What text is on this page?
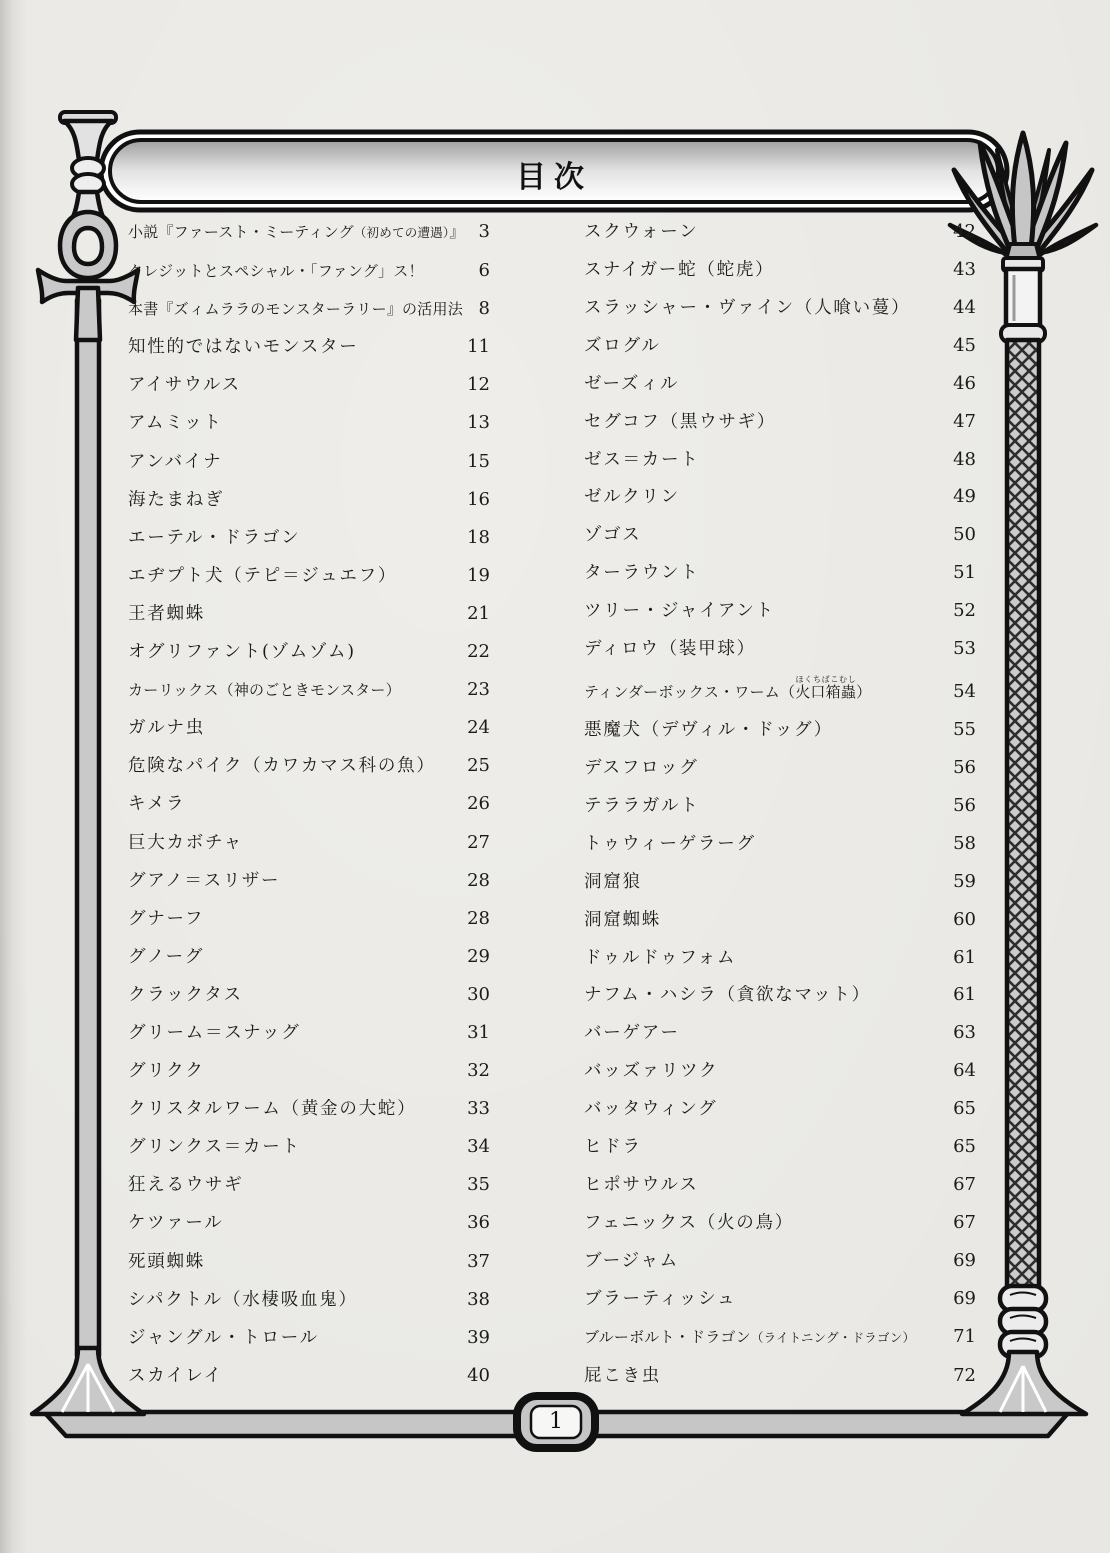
目次
小説『ファースト・ミーティング（初めての遭遇）』 3
クレジットとスペシャル・「ファング」ス！	6
本書『ズィムララのモンスターラリー』の活用法 8
知性的ではないモンスター	11
アイサウルス	12
アムミット	13
アンバイナ	15
海たまねぎ	16
エーテル・ドラゴン	18
エヂプト犬（テピ＝ジュエフ）	19
王者蜘蛛	21
オグリファント(ゾムゾム)	22
カーリックス（神のごときモンスター）	23
ガルナ虫	24
危険なパイク（カワカマス科の魚）	25
キメラ	26
巨大カボチャ	27
グアノ＝スリザー	28
グナーフ	28
グノーグ	29
クラックタス	30
グリーム＝スナッグ	31
グリクク	32
クリスタルワーム（黄金の大蛇）	33
グリンクス＝カート	34
狂えるウサギ	35
ケツァール	36
死頭蜘蛛	37
シパクトル（水棲吸血鬼）	38
ジャングル・トロール	39
スカイレイ	40
スクウォーン	42
スナイガー蛇（蛇虎）	43
スラッシャー・ヴァイン（人喰い蔓）	44
ズログル	45
ゼーズィル	46
セグコフ（黒ウサギ）	47
ゼス＝カート	48
ゼルクリン	49
ゾゴス	50
ターラウント	51
ツリー・ジャイアント	52
ディロウ（装甲球）	53
ティンダーボックス・ワーム（火口箱蟲ほくちばこむし）	54
悪魔犬（デヴィル・ドッグ）	55
デスフロッグ	56
テララガルト	56
トゥウィーゲラーグ	58
洞窟狼	59
洞窟蜘蛛	60
ドゥルドゥフォム	61
ナフム・ハシラ（貪欲なマット）	61
バーゲアー	63
バッズァリツク	64
バッタウィング	65
ヒドラ	65
ヒポサウルス	67
フェニックス（火の鳥）	67
ブージャム	69
ブラーティッシュ	69
ブルーボルト・ドラゴン（ライトニング・ドラゴン）	71
屁こき虫	72
1
